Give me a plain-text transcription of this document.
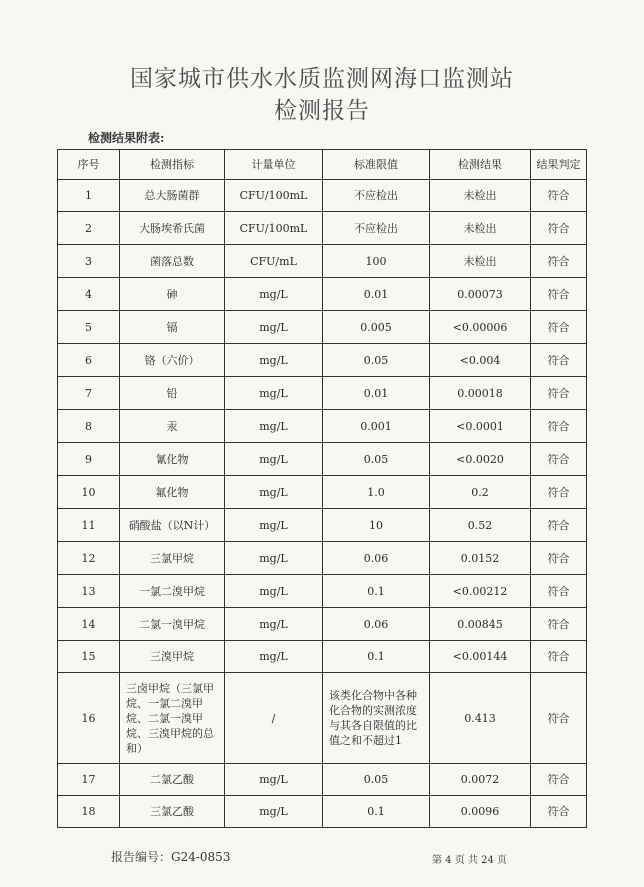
国家城市供水水质监测网海口监测站
检测报告
检测结果附表:
序号	检测指标	计量单位	标准限值	检测结果	结果判定
1	总大肠菌群	CFU/100mL	不应检出	未检出	符合
2	大肠埃希氏菌	CFU/100mL	不应检出	未检出	符合
3	菌落总数	CFU/mL	100	未检出	符合
4	砷	mg/L	0.01	0.00073	符合
5	镉	mg/L	0.005	<0.00006	符合
6	铬（六价）	mg/L	0.05	<0.004	符合
7	铅	mg/L	0.01	0.00018	符合
8	汞	mg/L	0.001	<0.0001	符合
9	氰化物	mg/L	0.05	<0.0020	符合
10	氟化物	mg/L	1.0	0.2	符合
11	硝酸盐（以N计）	mg/L	10	0.52	符合
12	三氯甲烷	mg/L	0.06	0.0152	符合
13	一氯二溴甲烷	mg/L	0.1	<0.00212	符合
14	二氯一溴甲烷	mg/L	0.06	0.00845	符合
15	三溴甲烷	mg/L	0.1	<0.00144	符合
16	三卤甲烷（三氯甲烷、一氯二溴甲烷、二氯一溴甲烷、三溴甲烷的总和）	/	该类化合物中各种化合物的实测浓度与其各自限值的比值之和不超过1	0.413	符合
17	二氯乙酸	mg/L	0.05	0.0072	符合
18	三氯乙酸	mg/L	0.1	0.0096	符合
报告编号：G24-0853	第 4 页 共 24 页
